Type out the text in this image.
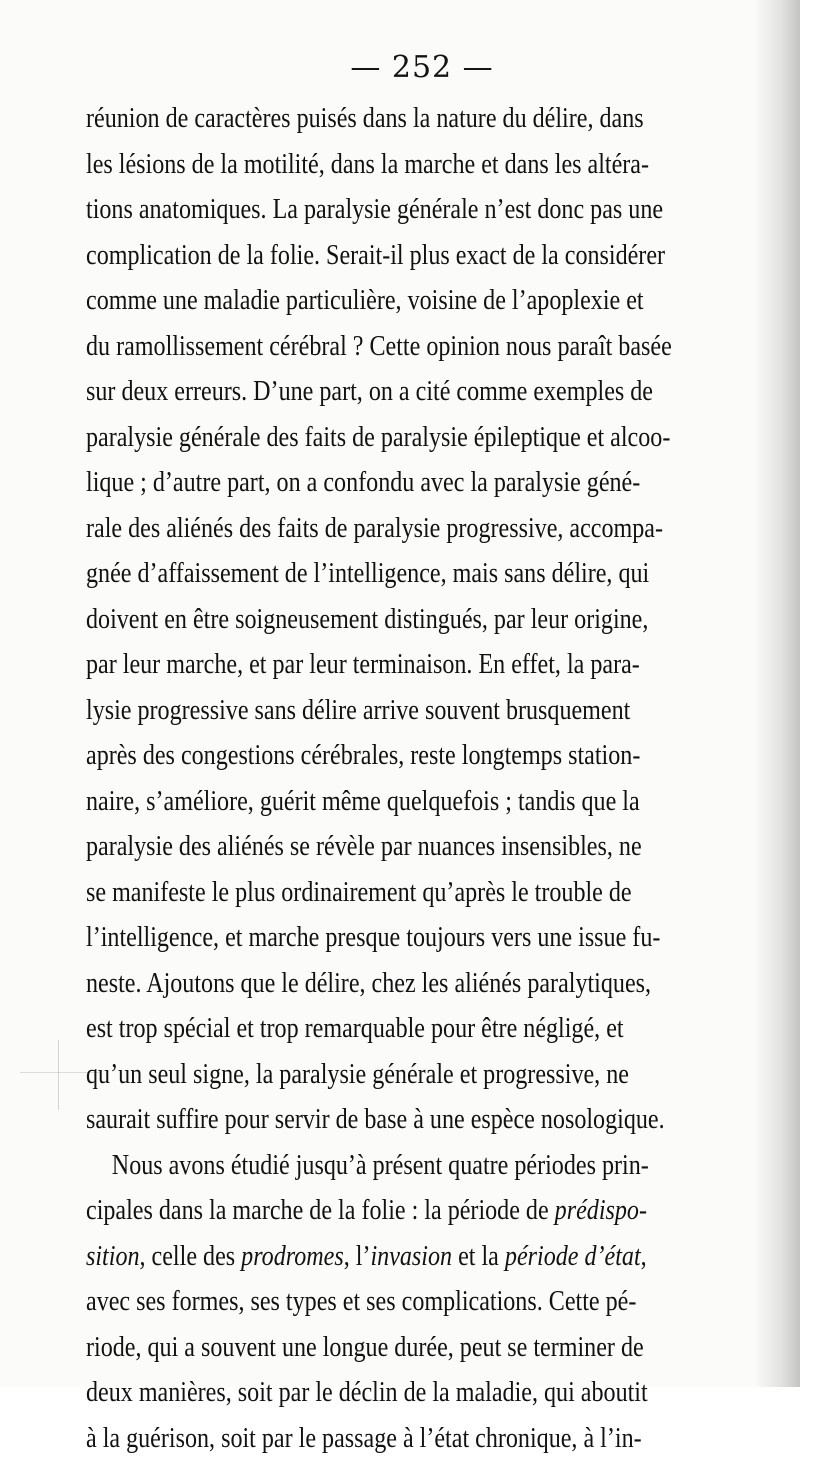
— 252 —
réunion de caractères puisés dans la nature du délire, dans
les lésions de la motilité, dans la marche et dans les altéra-
tions anatomiques. La paralysie générale n’est donc pas une
complication de la folie. Serait-il plus exact de la considérer
comme une maladie particulière, voisine de l’apoplexie et
du ramollissement cérébral ? Cette opinion nous paraît basée
sur deux erreurs. D’une part, on a cité comme exemples de
paralysie générale des faits de paralysie épileptique et alcoo-
lique ; d’autre part, on a confondu avec la paralysie géné-
rale des aliénés des faits de paralysie progressive, accompa-
gnée d’affaissement de l’intelligence, mais sans délire, qui
doivent en être soigneusement distingués, par leur origine,
par leur marche, et par leur terminaison. En effet, la para-
lysie progressive sans délire arrive souvent brusquement
après des congestions cérébrales, reste longtemps station-
naire, s’améliore, guérit même quelquefois ; tandis que la
paralysie des aliénés se révèle par nuances insensibles, ne
se manifeste le plus ordinairement qu’après le trouble de
l’intelligence, et marche presque toujours vers une issue fu-
neste. Ajoutons que le délire, chez les aliénés paralytiques,
est trop spécial et trop remarquable pour être négligé, et
qu’un seul signe, la paralysie générale et progressive, ne
saurait suffire pour servir de base à une espèce nosologique.
Nous avons étudié jusqu’à présent quatre périodes prin-
cipales dans la marche de la folie : la période de prédispo-
sition, celle des prodromes, l’invasion et la période d’état,
avec ses formes, ses types et ses complications. Cette pé-
riode, qui a souvent une longue durée, peut se terminer de
deux manières, soit par le déclin de la maladie, qui aboutit
à la guérison, soit par le passage à l’état chronique, à l’in-
